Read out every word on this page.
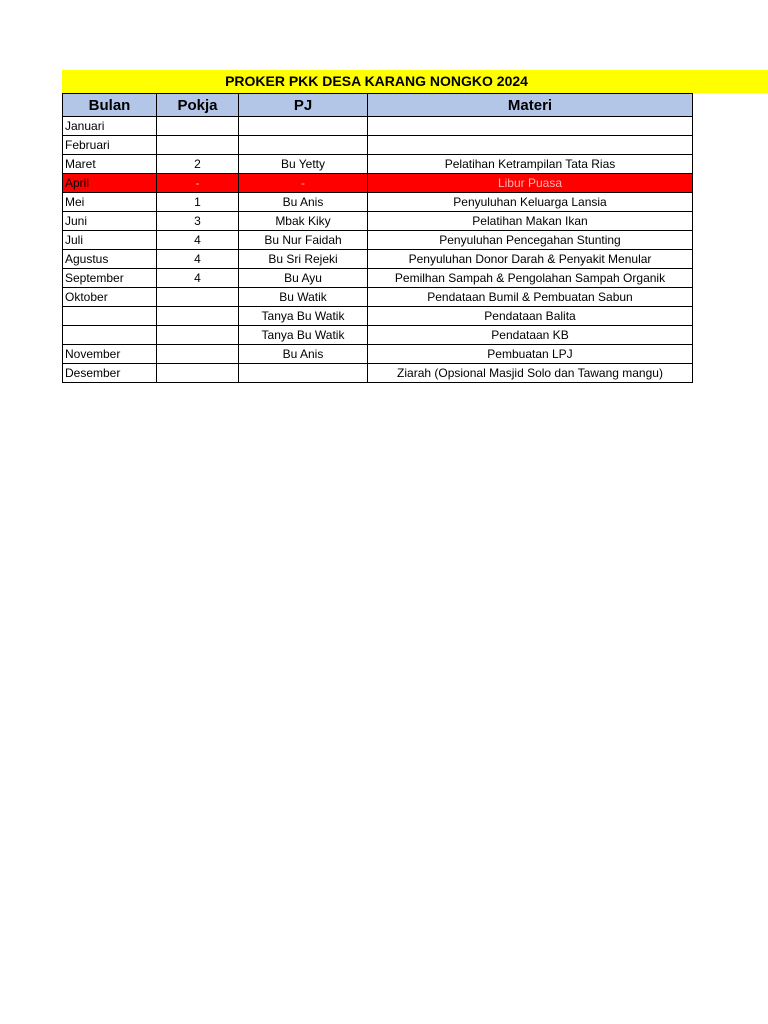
PROKER PKK DESA KARANG NONGKO 2024
Bulan	Pokja	PJ	Materi
Januari			
Februari			
Maret	2	Bu Yetty	Pelatihan Ketrampilan Tata Rias
April	-	-	Libur Puasa
Mei	1	Bu Anis	Penyuluhan Keluarga Lansia
Juni	3	Mbak Kiky	Pelatihan Makan Ikan
Juli	4	Bu Nur Faidah	Penyuluhan Pencegahan Stunting
Agustus	4	Bu Sri Rejeki	Penyuluhan Donor Darah & Penyakit Menular
September	4	Bu Ayu	Pemilhan Sampah & Pengolahan Sampah Organik
Oktober		Bu Watik	Pendataan Bumil & Pembuatan Sabun
		Tanya Bu Watik	Pendataan Balita
		Tanya Bu Watik	Pendataan KB
November		Bu Anis	Pembuatan LPJ
Desember			Ziarah (Opsional Masjid Solo dan Tawang mangu)
